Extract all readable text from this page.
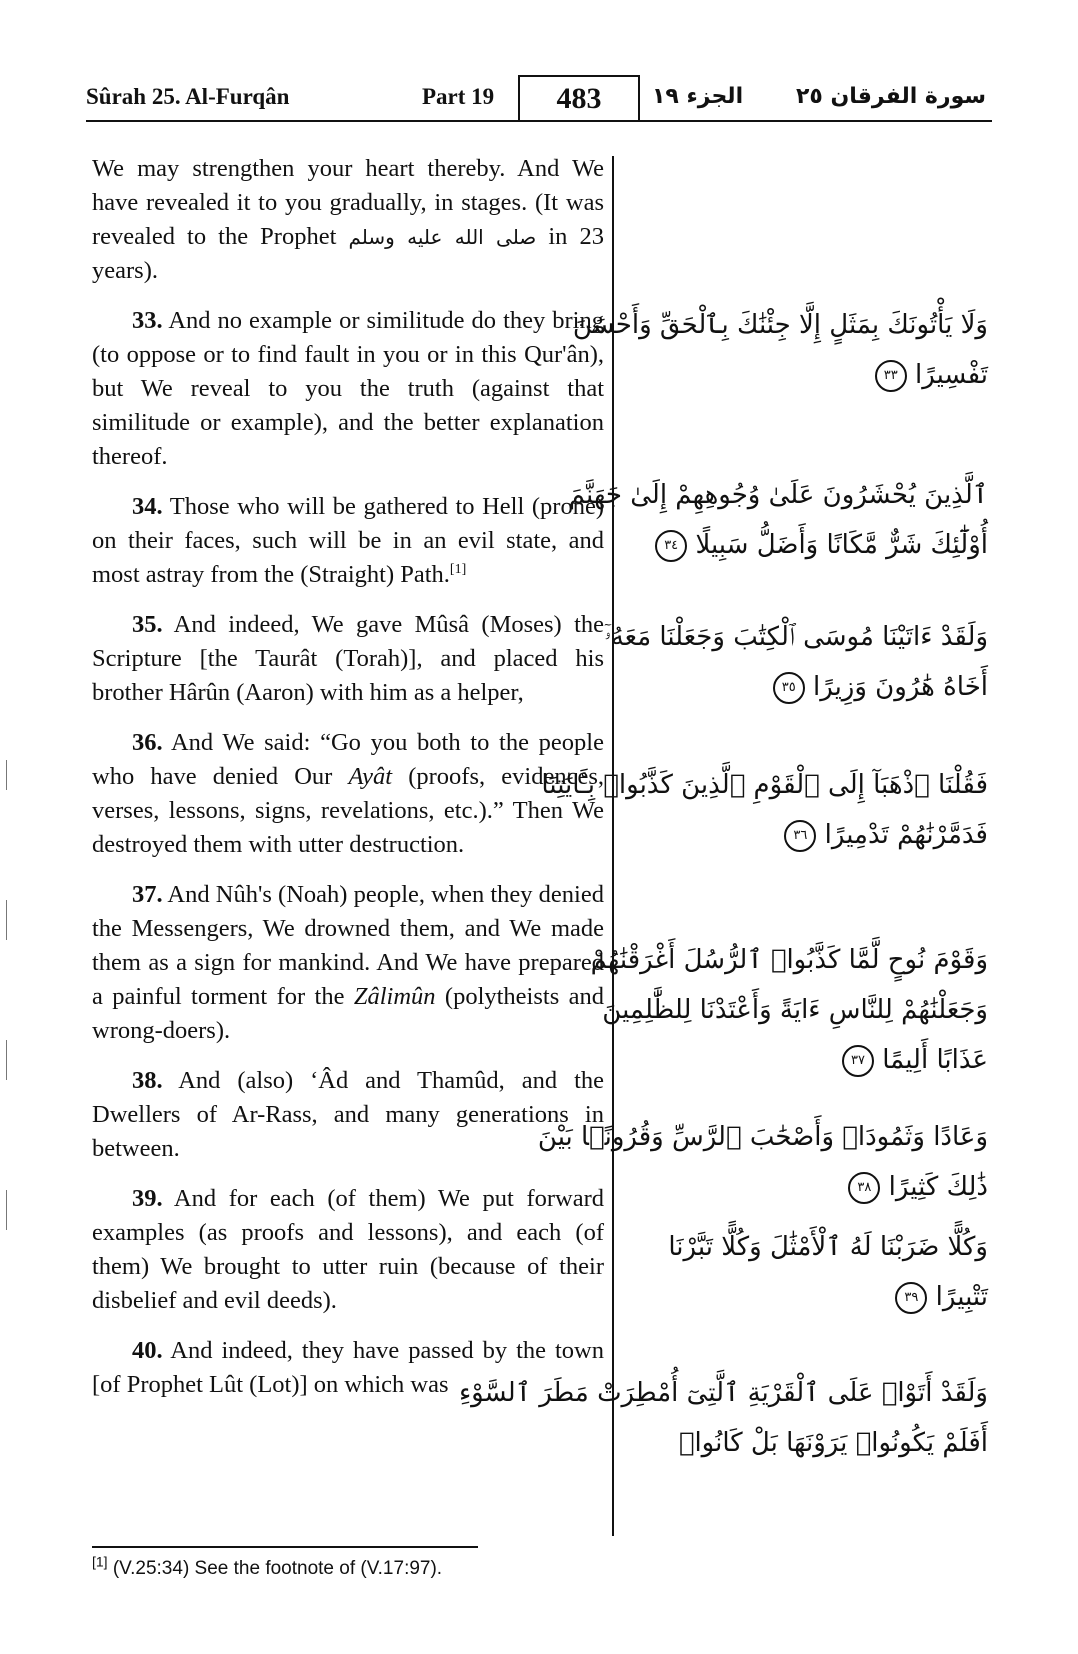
Sûrah 25. Al-Furqân	Part 19	483	الجزء ١٩ سورة الفرقان ٢٥

We may strengthen your heart thereby. And We have revealed it to you gradually, in stages. (It was revealed to the Prophet صلى الله عليه وسلم in 23 years).

33. And no example or similitude do they bring (to oppose or to find fault in you or in this Qur'ân), but We reveal to you the truth (against that similitude or example), and the better explanation thereof.

34. Those who will be gathered to Hell (prone) on their faces, such will be in an evil state, and most astray from the (Straight) Path.[1]

35. And indeed, We gave Mûsâ (Moses) the Scripture [the Taurât (Torah)], and placed his brother Hârûn (Aaron) with him as a helper,

36. And We said: “Go you both to the people who have denied Our Ayât (proofs, evidences, verses, lessons, signs, revelations, etc.).” Then We destroyed them with utter destruction.

37. And Nûh's (Noah) people, when they denied the Messengers, We drowned them, and We made them as a sign for mankind. And We have prepared a painful torment for the Zâlimûn (polytheists and wrong-doers).

38. And (also) ‘Âd and Thamûd, and the Dwellers of Ar-Rass, and many generations in between.

39. And for each (of them) We put forward examples (as proofs and lessons), and each (of them) We brought to utter ruin (because of their disbelief and evil deeds).

40. And indeed, they have passed by the town [of Prophet Lût (Lot)] on which was

وَلَا يَأْتُونَكَ بِمَثَلٍ إِلَّا جِئْنَٰكَ بِٱلْحَقِّ وَأَحْسَنَ
تَفْسِيرًا ٣٣
ٱلَّذِينَ يُحْشَرُونَ عَلَىٰ وُجُوهِهِمْ إِلَىٰ جَهَنَّمَ
أُوْلَٰٓئِكَ شَرٌّ مَّكَانًا وَأَضَلُّ سَبِيلًا ٣٤
وَلَقَدْ ءَاتَيْنَا مُوسَى ٱلْكِتَٰبَ وَجَعَلْنَا مَعَهُۥٓ
أَخَاهُ هَٰرُونَ وَزِيرًا ٣٥
فَقُلْنَا ٱذْهَبَآ إِلَى ٱلْقَوْمِ ٱلَّذِينَ كَذَّبُوا۟ بِـَٔايَٰتِنَا
فَدَمَّرْنَٰهُمْ تَدْمِيرًا ٣٦
وَقَوْمَ نُوحٍ لَّمَّا كَذَّبُوا۟ ٱلرُّسُلَ أَغْرَقْنَٰهُمْ
وَجَعَلْنَٰهُمْ لِلنَّاسِ ءَايَةً وَأَعْتَدْنَا لِلظَّٰلِمِينَ
عَذَابًا أَلِيمًا ٣٧
وَعَادًا وَثَمُودَا۟ وَأَصْحَٰبَ ٱلرَّسِّ وَقُرُونًۢا بَيْنَ
ذَٰلِكَ كَثِيرًا ٣٨
وَكُلًّا ضَرَبْنَا لَهُ ٱلْأَمْثَٰلَ وَكُلًّا تَبَّرْنَا
تَتْبِيرًا ٣٩
وَلَقَدْ أَتَوْا۟ عَلَى ٱلْقَرْيَةِ ٱلَّتِىٓ أُمْطِرَتْ مَطَرَ ٱلسَّوْءِ
أَفَلَمْ يَكُونُوا۟ يَرَوْنَهَا بَلْ كَانُوا۟
[1] (V.25:34) See the footnote of (V.17:97).
